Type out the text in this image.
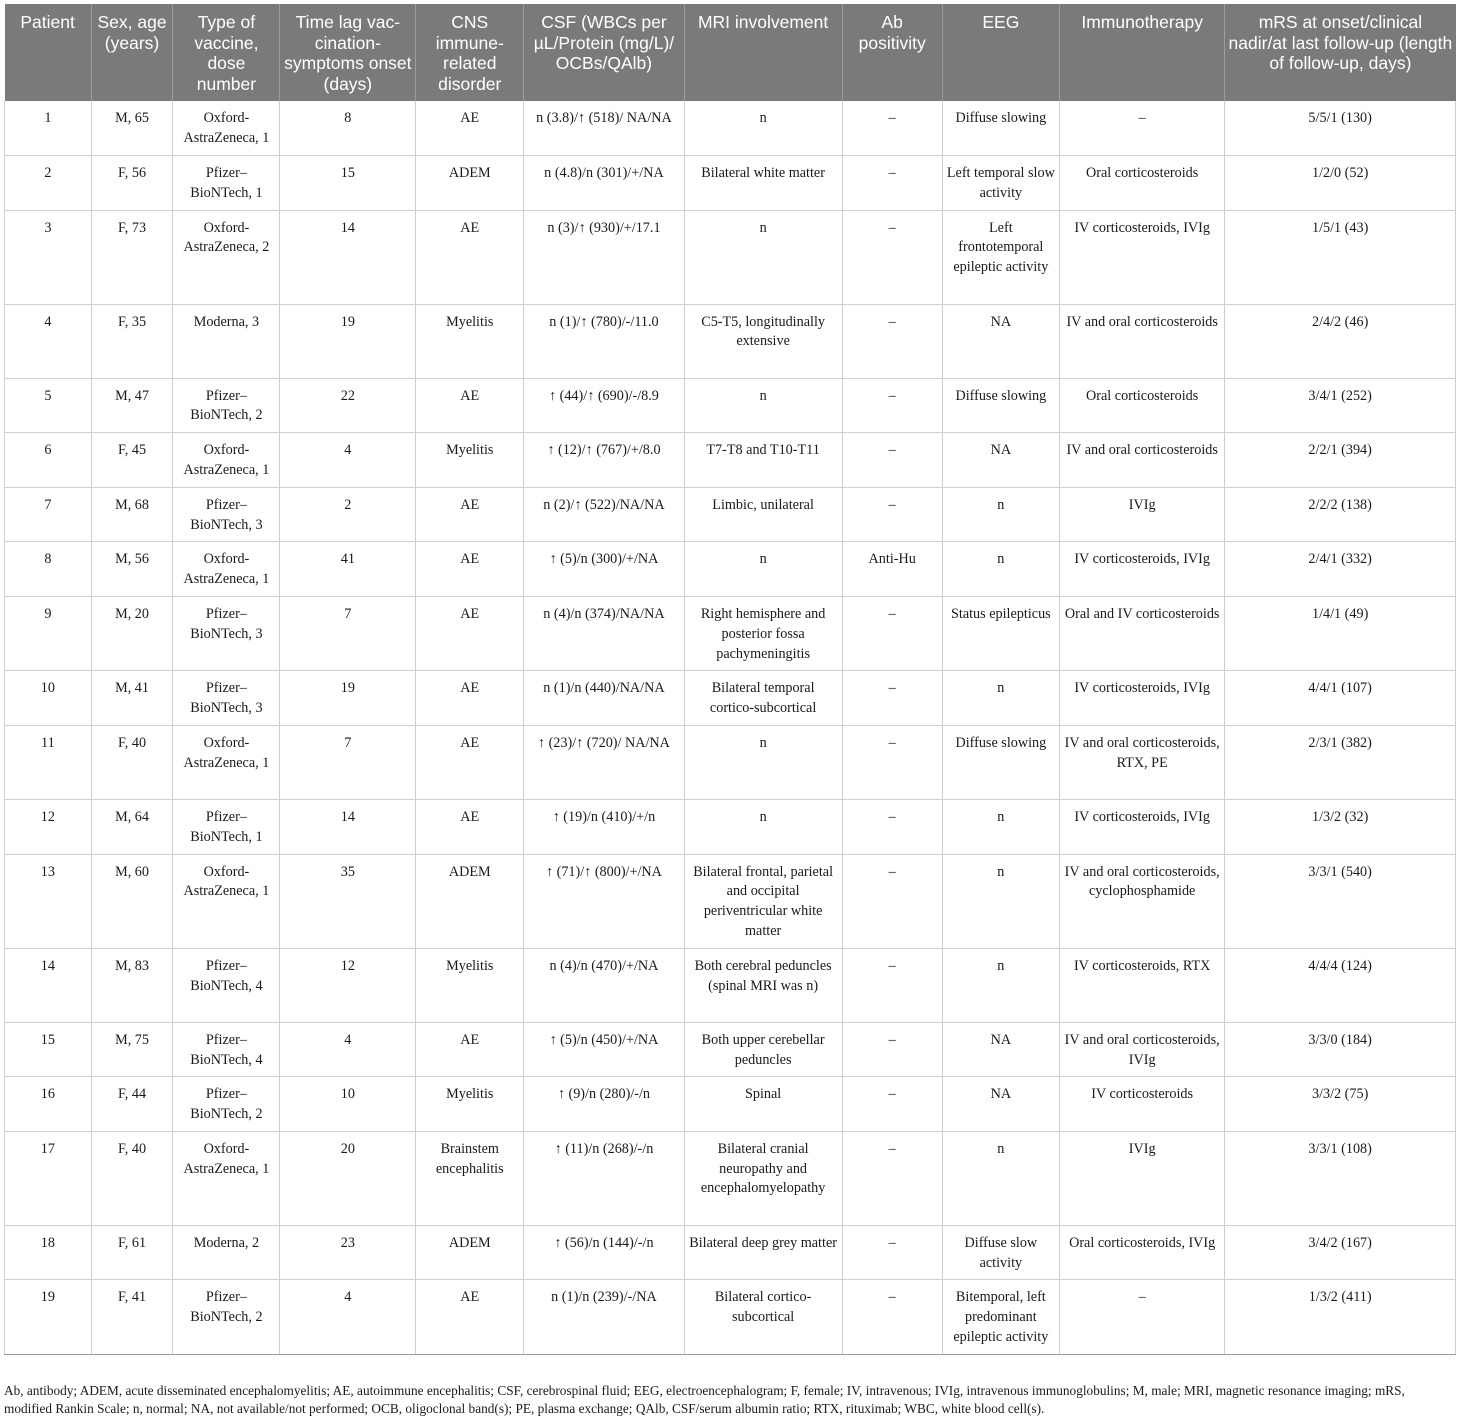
Patient	Sex, age (years)	Type of vaccine, dose number	Time lag vac-cination-symptoms onset (days)	CNS immune-related disorder	CSF (WBCs per µL/Protein (mg/L)/ OCBs/QAlb)	MRI involvement	Ab positivity	EEG	Immunotherapy	mRS at onset/clinical nadir/at last follow-up (length of follow-up, days)
1	M, 65	Oxford-AstraZeneca, 1	8	AE	n (3.8)/↑ (518)/ NA/NA	n	–	Diffuse slowing	–	5/5/1 (130)
2	F, 56	Pfizer–BioNTech, 1	15	ADEM	n (4.8)/n (301)/+/NA	Bilateral white matter	–	Left temporal slow activity	Oral corticosteroids	1/2/0 (52)
3	F, 73	Oxford-AstraZeneca, 2	14	AE	n (3)/↑ (930)/+/17.1	n	–	Left frontotemporal epileptic activity	IV corticosteroids, IVIg	1/5/1 (43)
4	F, 35	Moderna, 3	19	Myelitis	n (1)/↑ (780)/-/11.0	C5-T5, longitudinally extensive	–	NA	IV and oral corticosteroids	2/4/2 (46)
5	M, 47	Pfizer–BioNTech, 2	22	AE	↑ (44)/↑ (690)/-/8.9	n	–	Diffuse slowing	Oral corticosteroids	3/4/1 (252)
6	F, 45	Oxford-AstraZeneca, 1	4	Myelitis	↑ (12)/↑ (767)/+/8.0	T7-T8 and T10-T11	–	NA	IV and oral corticosteroids	2/2/1 (394)
7	M, 68	Pfizer–BioNTech, 3	2	AE	n (2)/↑ (522)/NA/NA	Limbic, unilateral	–	n	IVIg	2/2/2 (138)
8	M, 56	Oxford-AstraZeneca, 1	41	AE	↑ (5)/n (300)/+/NA	n	Anti-Hu	n	IV corticosteroids, IVIg	2/4/1 (332)
9	M, 20	Pfizer–BioNTech, 3	7	AE	n (4)/n (374)/NA/NA	Right hemisphere and posterior fossa pachymeningitis	–	Status epilepticus	Oral and IV corticosteroids	1/4/1 (49)
10	M, 41	Pfizer–BioNTech, 3	19	AE	n (1)/n (440)/NA/NA	Bilateral temporal cortico-subcortical	–	n	IV corticosteroids, IVIg	4/4/1 (107)
11	F, 40	Oxford-AstraZeneca, 1	7	AE	↑ (23)/↑ (720)/ NA/NA	n	–	Diffuse slowing	IV and oral corticosteroids, RTX, PE	2/3/1 (382)
12	M, 64	Pfizer–BioNTech, 1	14	AE	↑ (19)/n (410)/+/n	n	–	n	IV corticosteroids, IVIg	1/3/2 (32)
13	M, 60	Oxford-AstraZeneca, 1	35	ADEM	↑ (71)/↑ (800)/+/NA	Bilateral frontal, parietal and occipital periventricular white matter	–	n	IV and oral corticosteroids, cyclophosphamide	3/3/1 (540)
14	M, 83	Pfizer–BioNTech, 4	12	Myelitis	n (4)/n (470)/+/NA	Both cerebral peduncles (spinal MRI was n)	–	n	IV corticosteroids, RTX	4/4/4 (124)
15	M, 75	Pfizer–BioNTech, 4	4	AE	↑ (5)/n (450)/+/NA	Both upper cerebellar peduncles	–	NA	IV and oral corticosteroids, IVIg	3/3/0 (184)
16	F, 44	Pfizer–BioNTech, 2	10	Myelitis	↑ (9)/n (280)/-/n	Spinal	–	NA	IV corticosteroids	3/3/2 (75)
17	F, 40	Oxford-AstraZeneca, 1	20	Brainstem encephalitis	↑ (11)/n (268)/-/n	Bilateral cranial neuropathy and encephalomyelopathy	–	n	IVIg	3/3/1 (108)
18	F, 61	Moderna, 2	23	ADEM	↑ (56)/n (144)/-/n	Bilateral deep grey matter	–	Diffuse slow activity	Oral corticosteroids, IVIg	3/4/2 (167)
19	F, 41	Pfizer–BioNTech, 2	4	AE	n (1)/n (239)/-/NA	Bilateral cortico-subcortical	–	Bitemporal, left predominant epileptic activity	–	1/3/2 (411)
Ab, antibody; ADEM, acute disseminated encephalomyelitis; AE, autoimmune encephalitis; CSF, cerebrospinal fluid; EEG, electroencephalogram; F, female; IV, intravenous; IVIg, intravenous immunoglobulins; M, male; MRI, magnetic resonance imaging; mRS, modified Rankin Scale; n, normal; NA, not available/not performed; OCB, oligoclonal band(s); PE, plasma exchange; QAlb, CSF/serum albumin ratio; RTX, rituximab; WBC, white blood cell(s).
